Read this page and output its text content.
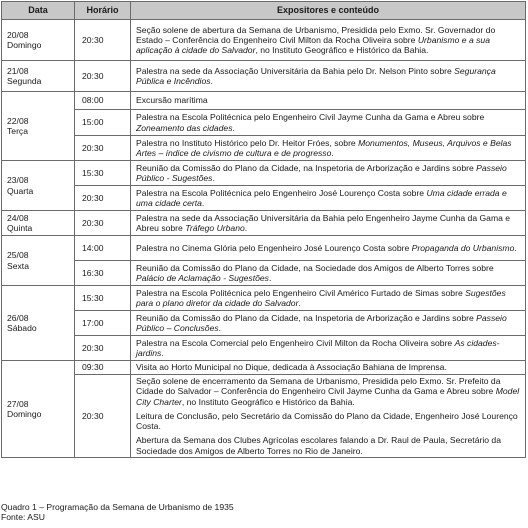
Data	Horário	Expositores e conteúdo

20/08
Domingo	20:30	Seção solene de abertura da Semana de Urbanismo, Presidida pelo Exmo. Sr. Governador do Estado – Conferência do Engenheiro Civil Milton da Rocha Oliveira sobre Urbanismo e a sua aplicação à cidade do Salvador, no Instituto Geográfico e Histórico da Bahia.

21/08
Segunda	20:30	Palestra na sede da Associação Universitária da Bahia pelo Dr. Nelson Pinto sobre Segurança Pública e Incêndios.

22/08
Terça	08:00	Excursão marítima
	15:00	Palestra na Escola Politécnica pelo Engenheiro Civil Jayme Cunha da Gama e Abreu sobre Zoneamento das cidades.
	20:30	Palestra no Instituto Histórico pelo Dr. Heitor Fróes, sobre Monumentos, Museus, Arquivos e Belas Artes – índice de civismo de cultura e de progresso.

23/08
Quarta	15:30	Reunião da Comissão do Plano da Cidade, na Inspetoria de Arborização e Jardins sobre Passeio Público - Sugestões.
	20:30	Palestra na Escola Politécnica pelo Engenheiro José Lourenço Costa sobre Uma cidade errada e uma cidade certa.

24/08
Quinta	20:30	Palestra na sede da Associação Universitária da Bahia pelo Engenheiro Jayme Cunha da Gama e Abreu sobre Tráfego Urbano.

25/08
Sexta	14:00	Palestra no Cinema Glória pelo Engenheiro José Lourenço Costa sobre Propaganda do Urbanismo.
	16:30	Reunião da Comissão do Plano da Cidade, na Sociedade dos Amigos de Alberto Torres sobre Palácio de Aclamação - Sugestões.

26/08
Sábado	15:30	Palestra na Escola Politécnica pelo Engenheiro Civil Américo Furtado de Simas sobre Sugestões para o plano diretor da cidade do Salvador.
	17:00	Reunião da Comissão do Plano da Cidade, na Inspetoria de Arborização e Jardins sobre Passeio Público – Conclusões.
	20:30	Palestra na Escola Comercial pelo Engenheiro Civil Milton da Rocha Oliveira sobre As cidades-jardins.

27/08
Domingo	09:30	Visita ao Horto Municipal no Dique, dedicada à Associação Bahiana de Imprensa.
	20:30	Seção solene de encerramento da Semana de Urbanismo, Presidida pelo Exmo. Sr. Prefeito da Cidade do Salvador – Conferência do Engenheiro Civil Jayme Cunha da Gama e Abreu sobre Model City Charter, no Instituto Geográfico e Histórico da Bahia.

Leitura de Conclusão, pelo Secretário da Comissão do Plano da Cidade, Engenheiro José Lourenço Costa.

Abertura da Semana dos Clubes Agrícolas escolares falando a Dr. Raul de Paula, Secretário da Sociedade dos Amigos de Alberto Torres no Rio de Janeiro.

Quadro 1 – Programação da Semana de Urbanismo de 1935
Fonte: ASU
